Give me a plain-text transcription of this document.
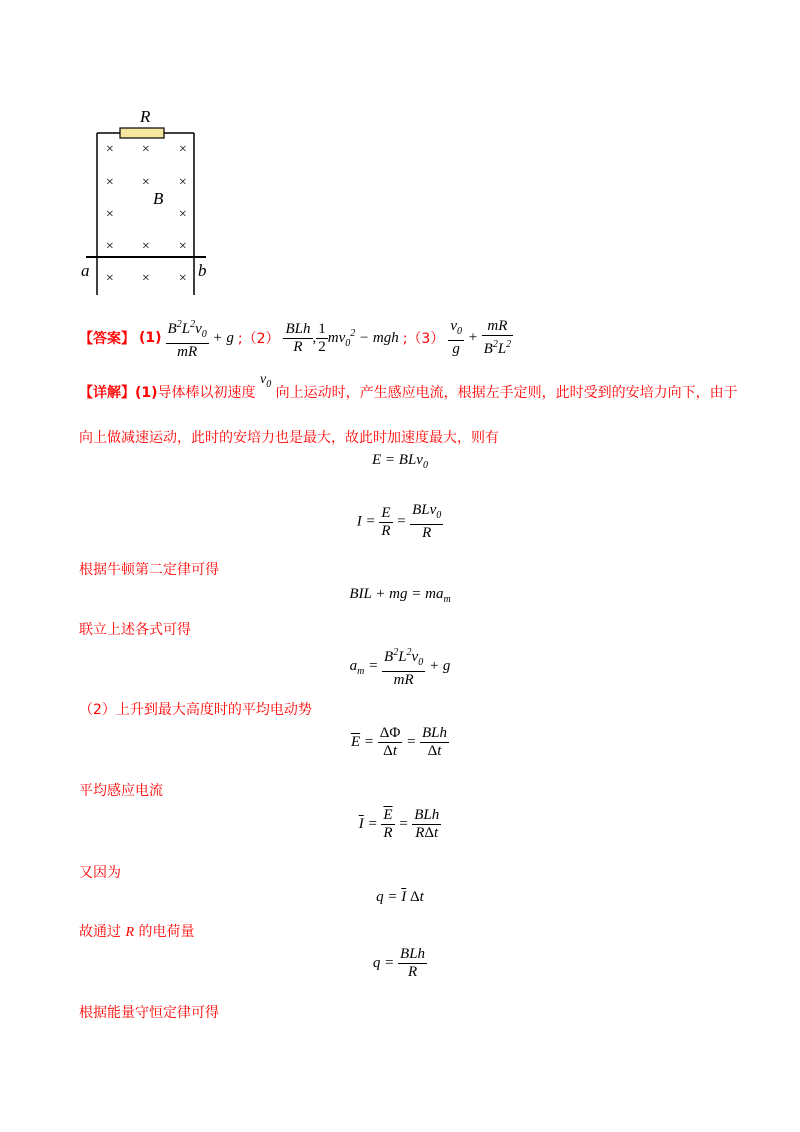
R
a	b
B
× × ×
× × ×
×	×
× × ×
× × ×
【答案】 $(1) \frac{B^2L^2v_0}{mR} + g$ ;（2） $\frac{\text{BLh}}{R}$ , $\frac{1}{2} mv_0^2$ − mgh ;（3） $\frac{v_0}{g} + \frac{mR}{B^2L^2}$
【详解】(1)导体棒以初速度 $v_0$ 向上运动时，产生感应电流，根据左手定则，此时受到的安培力向下，由于
向上做减速运动，此时的安培力也是最大，故此时加速度最大，则有
E = BLv$_0$
$I = \frac{E}{R} = \frac{BLv_0}{R}$
根据牛顿第二定律可得
BIL + mg = $ma_m$
联立上述各式可得
$a_m = \frac{B^2L^2v_0}{mR} + g$
（2）上升到最大高度时的平均电动势
$\overline{E} = \frac{\Delta\Phi}{\Delta t} = \frac{\text{BLh}}{\Delta t}$
平均感应电流
$\overline{I} = \frac{\overline{E}}{R} = \frac{\text{BLh}}{\text{RΔt}}$
又因为
$q = \overline{I}$ Δt
故通过 R 的电荷量
$q = \frac{\text{BLh}}{R}$
根据能量守恒定律可得
